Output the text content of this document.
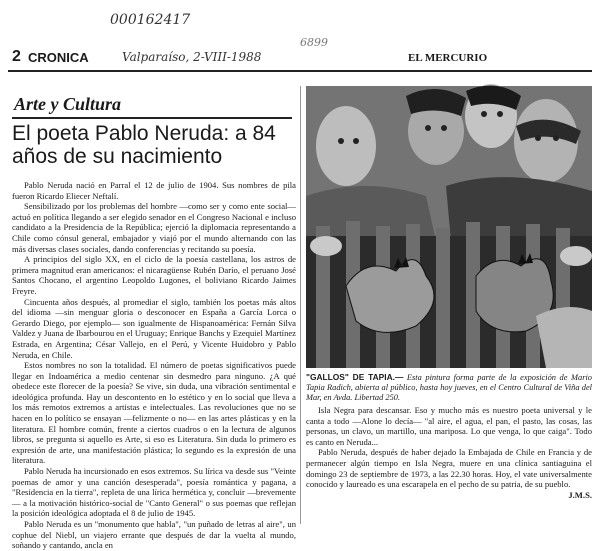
000162417
6899
Valparaíso, 2-VIII-1988
2 CRONICA	EL MERCURIO
Arte y Cultura
El poeta Pablo Neruda: a 84 años de su nacimiento

Pablo Neruda nació en Parral el 12 de julio de 1904. Sus nombres de pila fueron Ricardo Eliecer Neftalí.

Sensibilizado por los problemas del hombre —como ser y como ente social— actuó en política llegando a ser elegido senador en el Congreso Nacional e incluso candidato a la Presidencia de la República; ejerció la diplomacia representando a Chile como cónsul general, embajador y viajó por el mundo alternando con las más diversas clases sociales, dando conferencias y recitando su poesía.

A principios del siglo XX, en el ciclo de la poesía castellana, los astros de primera magnitud eran americanos: el nicaragüense Rubén Darío, el peruano José Santos Chocano, el argentino Leopoldo Lugones, el boliviano Ricardo Jaimes Freyre.

Cincuenta años después, al promediar el siglo, también los poetas más altos del idioma —sin menguar gloria o desconocer en España a García Lorca o Gerardo Diego, por ejemplo— son igualmente de Hispanoamérica: Fernán Silva Valdez y Juana de Ibarbourou en el Uruguay; Enrique Banchs y Ezequiel Martínez Estrada, en Argentina; César Vallejo, en el Perú, y Vicente Huidobro y Pablo Neruda, en Chile.

Estos nombres no son la totalidad. El número de poetas significativos puede llegar en Indoamérica a medio centenar sin desmedro para ninguno. ¿A qué obedece este florecer de la poesía? Se vive, sin duda, una vibración sentimental e ideológica profunda. Hay un descontento en lo estético y en lo social que lleva a los más remotos extremos a artistas e intelectuales. Las revoluciones que no se hacen en lo político se ensayan —felizmente o no— en las artes plásticas y en la literatura. El hombre común, frente a ciertos cuadros o en la lectura de algunos libros, se pregunta si aquello es Arte, si eso es Literatura. Sin duda lo primero es expresión de arte, una manifestación plástica; lo segundo es la expresión de una literatura.

Pablo Neruda ha incursionado en esos extremos. Su lírica va desde sus "Veinte poemas de amor y una canción desesperada", poesía romántica y pagana, a "Residencia en la tierra", repleta de una lírica hermética y, concluir —brevemente— a la motivación histórico-social de "Canto General" o sus poemas que reflejan la posición ideológica adoptada el 8 de julio de 1945.

Pablo Neruda es un "monumento que habla", "un puñado de letras al aire", un cophue del Niebl, un viajero errante que después de dar la vuelta al mundo, soñando y cantando, ancla en

"GALLOS" DE TAPIA.— Esta pintura forma parte de la exposición de Mario Tapia Radich, abierta al público, hasta hoy jueves, en el Centro Cultural de Viña del Mar, en Avda. Libertad 250.

Isla Negra para descansar. Eso y mucho más es nuestro poeta universal y le canta a todo —Alone lo decía— "al aire, el agua, el pan, el pasto, las cosas, las personas, un clavo, un martillo, una mariposa. Lo que venga, lo que caiga". Todo es canto en Neruda...

Pablo Neruda, después de haber dejado la Embajada de Chile en Francia y de permanecer algún tiempo en Isla Negra, muere en una clínica santiaguina el domingo 23 de septiembre de 1973, a las 22.30 horas. Hoy, el vate universalmente conocido y laureado es una escarapela en el pecho de su patria, de su pueblo.

J.M.S.
